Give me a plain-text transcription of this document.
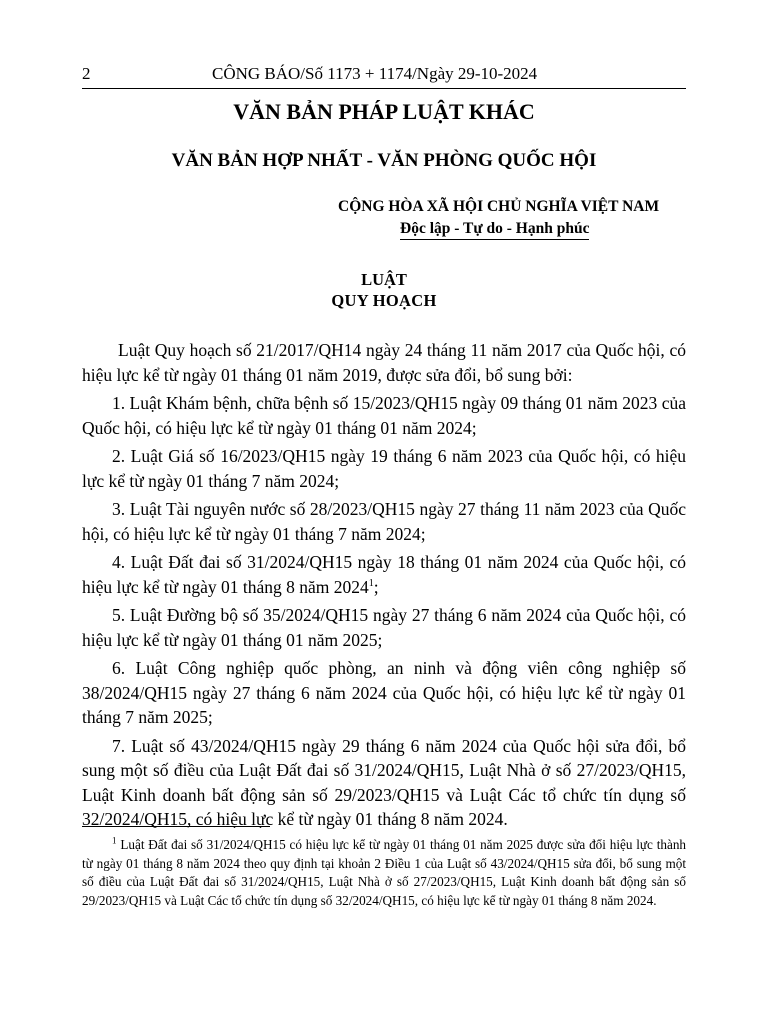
2	CÔNG BÁO/Số 1173 + 1174/Ngày 29-10-2024
VĂN BẢN PHÁP LUẬT KHÁC
VĂN BẢN HỢP NHẤT - VĂN PHÒNG QUỐC HỘI
CỘNG HÒA XÃ HỘI CHỦ NGHĨA VIỆT NAM
Độc lập - Tự do - Hạnh phúc
LUẬT
QUY HOẠCH

Luật Quy hoạch số 21/2017/QH14 ngày 24 tháng 11 năm 2017 của Quốc hội, có hiệu lực kể từ ngày 01 tháng 01 năm 2019, được sửa đổi, bổ sung bởi:

1. Luật Khám bệnh, chữa bệnh số 15/2023/QH15 ngày 09 tháng 01 năm 2023 của Quốc hội, có hiệu lực kể từ ngày 01 tháng 01 năm 2024;

2. Luật Giá số 16/2023/QH15 ngày 19 tháng 6 năm 2023 của Quốc hội, có hiệu lực kể từ ngày 01 tháng 7 năm 2024;

3. Luật Tài nguyên nước số 28/2023/QH15 ngày 27 tháng 11 năm 2023 của Quốc hội, có hiệu lực kể từ ngày 01 tháng 7 năm 2024;

4. Luật Đất đai số 31/2024/QH15 ngày 18 tháng 01 năm 2024 của Quốc hội, có hiệu lực kể từ ngày 01 tháng 8 năm 2024$^1$;

5. Luật Đường bộ số 35/2024/QH15 ngày 27 tháng 6 năm 2024 của Quốc hội, có hiệu lực kể từ ngày 01 tháng 01 năm 2025;

6. Luật Công nghiệp quốc phòng, an ninh và động viên công nghiệp số 38/2024/QH15 ngày 27 tháng 6 năm 2024 của Quốc hội, có hiệu lực kể từ ngày 01 tháng 7 năm 2025;

7. Luật số 43/2024/QH15 ngày 29 tháng 6 năm 2024 của Quốc hội sửa đổi, bổ sung một số điều của Luật Đất đai số 31/2024/QH15, Luật Nhà ở số 27/2023/QH15, Luật Kinh doanh bất động sản số 29/2023/QH15 và Luật Các tổ chức tín dụng số 32/2024/QH15, có hiệu lực kể từ ngày 01 tháng 8 năm 2024.

$^1$ Luật Đất đai số 31/2024/QH15 có hiệu lực kể từ ngày 01 tháng 01 năm 2025 được sửa đổi hiệu lực thành từ ngày 01 tháng 8 năm 2024 theo quy định tại khoản 2 Điều 1 của Luật số 43/2024/QH15 sửa đổi, bổ sung một số điều của Luật Đất đai số 31/2024/QH15, Luật Nhà ở số 27/2023/QH15, Luật Kinh doanh bất động sản số 29/2023/QH15 và Luật Các tổ chức tín dụng số 32/2024/QH15, có hiệu lực kể từ ngày 01 tháng 8 năm 2024.
